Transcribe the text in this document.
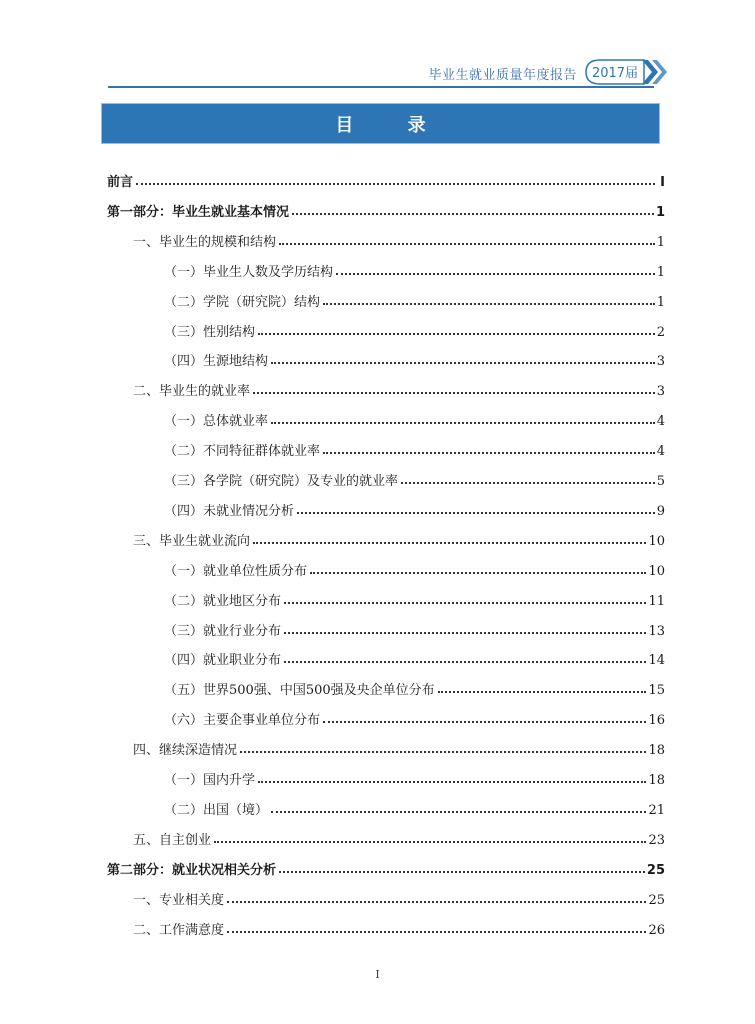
毕业生就业质量年度报告 2017届
目 录
前言	I
第一部分：毕业生就业基本情况	1
一、毕业生的规模和结构	1
（一）毕业生人数及学历结构	1
（二）学院（研究院）结构	1
（三）性别结构	2
（四）生源地结构	3
二、毕业生的就业率	3
（一）总体就业率	4
（二）不同特征群体就业率	4
（三）各学院（研究院）及专业的就业率	5
（四）未就业情况分析	9
三、毕业生就业流向	10
（一）就业单位性质分布	10
（二）就业地区分布	11
（三）就业行业分布	13
（四）就业职业分布	14
（五）世界500强、中国500强及央企单位分布	15
（六）主要企事业单位分布	16
四、继续深造情况	18
（一）国内升学	18
（二）出国（境）	21
五、自主创业	23
第二部分：就业状况相关分析	25
一、专业相关度	25
二、工作满意度	26
I
